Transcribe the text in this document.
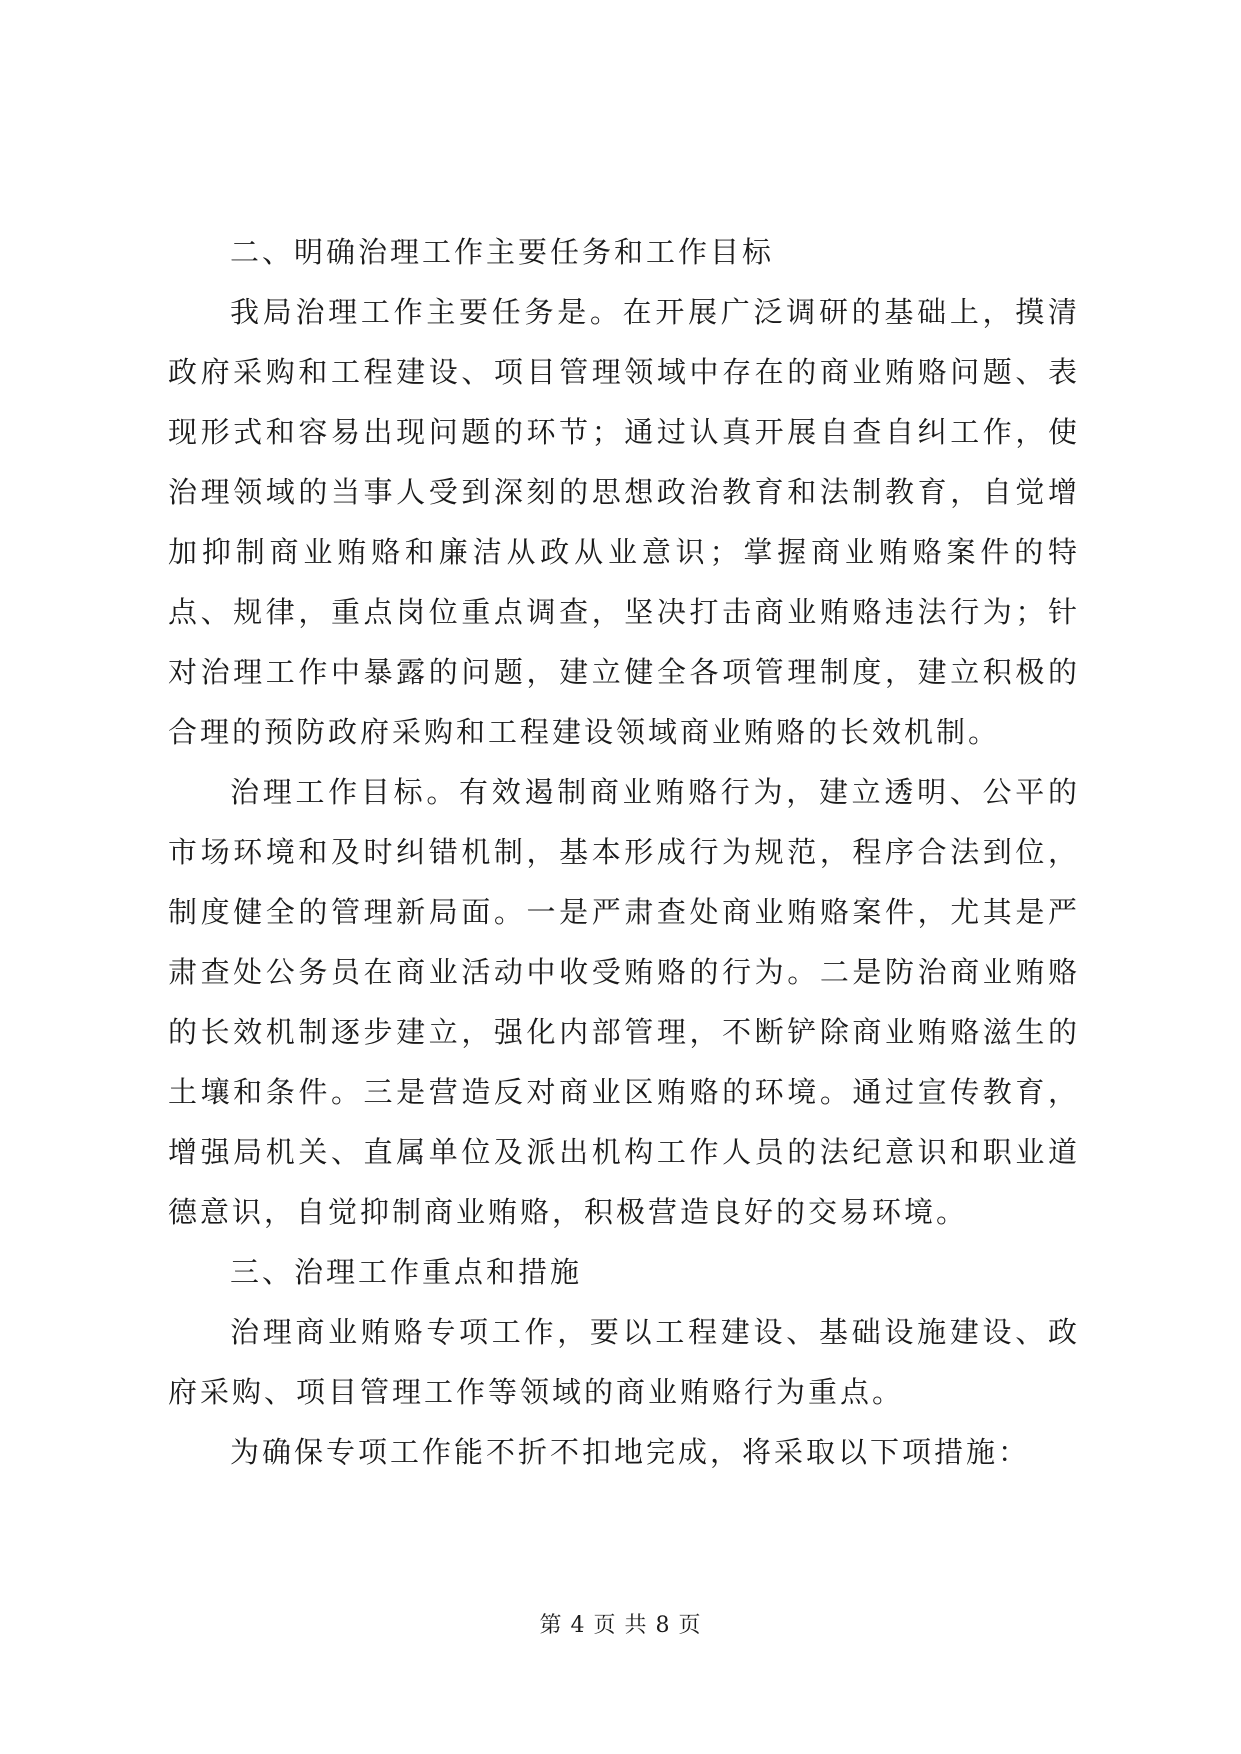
二、明确治理工作主要任务和工作目标

我局治理工作主要任务是。在开展广泛调研的基础上，摸清政府采购和工程建设、项目管理领域中存在的商业贿赂问题、表现形式和容易出现问题的环节；通过认真开展自查自纠工作，使治理领域的当事人受到深刻的思想政治教育和法制教育，自觉增加抑制商业贿赂和廉洁从政从业意识；掌握商业贿赂案件的特点、规律，重点岗位重点调查，坚决打击商业贿赂违法行为；针对治理工作中暴露的问题，建立健全各项管理制度，建立积极的合理的预防政府采购和工程建设领域商业贿赂的长效机制。

治理工作目标。有效遏制商业贿赂行为，建立透明、公平的市场环境和及时纠错机制，基本形成行为规范，程序合法到位，制度健全的管理新局面。一是严肃查处商业贿赂案件，尤其是严肃查处公务员在商业活动中收受贿赂的行为。二是防治商业贿赂的长效机制逐步建立，强化内部管理，不断铲除商业贿赂滋生的土壤和条件。三是营造反对商业区贿赂的环境。通过宣传教育，增强局机关、直属单位及派出机构工作人员的法纪意识和职业道德意识，自觉抑制商业贿赂，积极营造良好的交易环境。

三、治理工作重点和措施

治理商业贿赂专项工作，要以工程建设、基础设施建设、政府采购、项目管理工作等领域的商业贿赂行为重点。

为确保专项工作能不折不扣地完成，将采取以下项措施：

第 4 页 共 8 页
